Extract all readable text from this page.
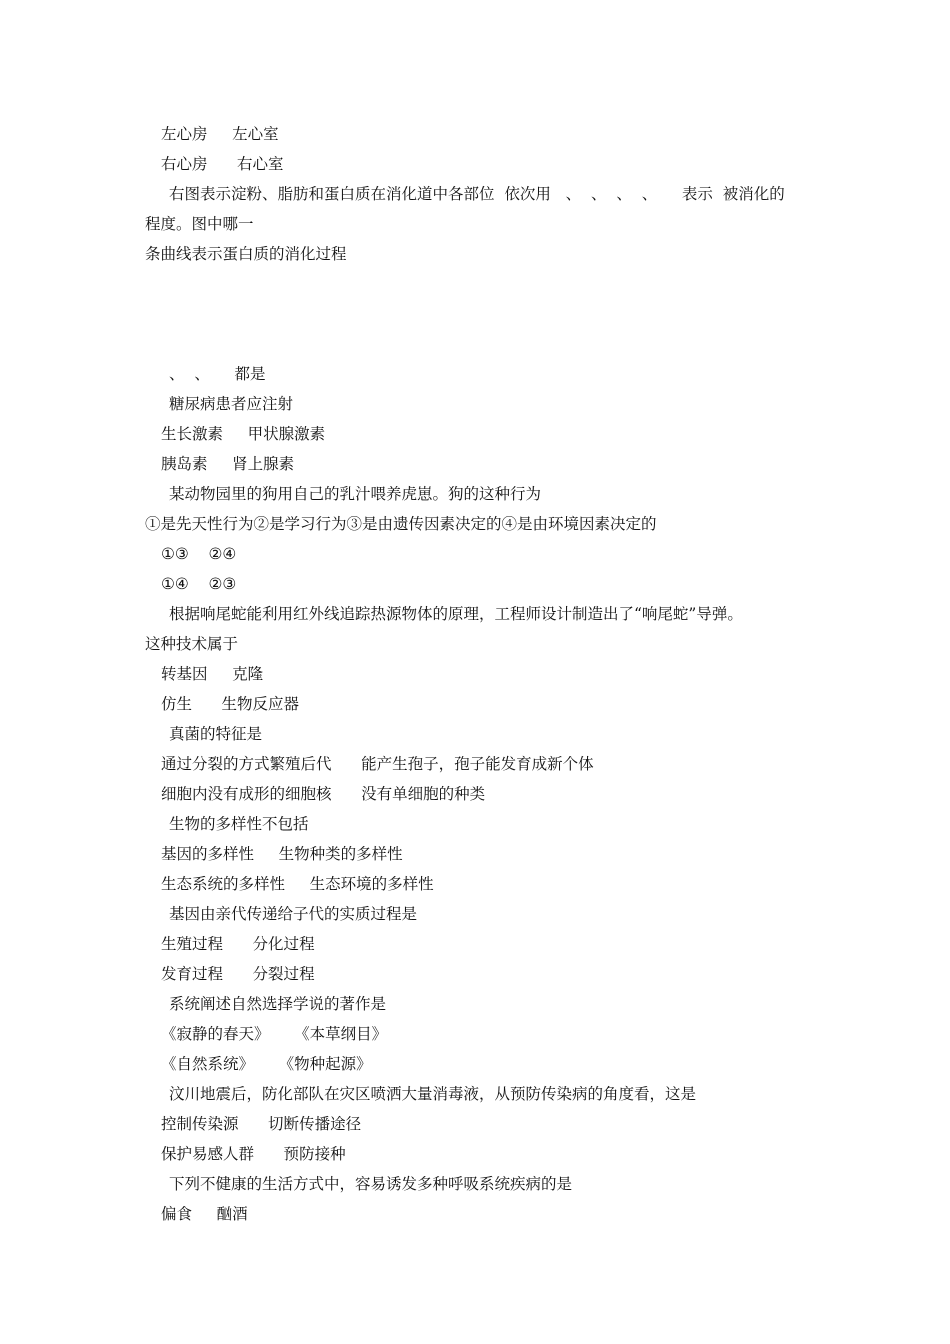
左心房     左心室
右心房      右心室
右图表示淀粉、脂肪和蛋白质在消化道中各部位  依次用   、  、  、  、     表示  被消化的
程度。图中哪一
条曲线表示蛋白质的消化过程
、  、     都是
糖尿病患者应注射
生长激素     甲状腺激素
胰岛素     肾上腺素
某动物园里的狗用自己的乳汁喂养虎崽。狗的这种行为
①是先天性行为②是学习行为③是由遗传因素决定的④是由环境因素决定的
①③    ②④
①④    ②③
根据响尾蛇能利用红外线追踪热源物体的原理，工程师设计制造出了“响尾蛇”导弹。
这种技术属于
转基因     克隆
仿生      生物反应器
真菌的特征是
通过分裂的方式繁殖后代      能产生孢子，孢子能发育成新个体
细胞内没有成形的细胞核      没有单细胞的种类
生物的多样性不包括
基因的多样性     生物种类的多样性
生态系统的多样性     生态环境的多样性
基因由亲代传递给子代的实质过程是
生殖过程      分化过程
发育过程      分裂过程
系统阐述自然选择学说的著作是
《寂静的春天》     《本草纲目》
《自然系统》     《物种起源》
汶川地震后，防化部队在灾区喷洒大量消毒液，从预防传染病的角度看，这是
控制传染源      切断传播途径
保护易感人群      预防接种
下列不健康的生活方式中，容易诱发多种呼吸系统疾病的是
偏食     酗酒
